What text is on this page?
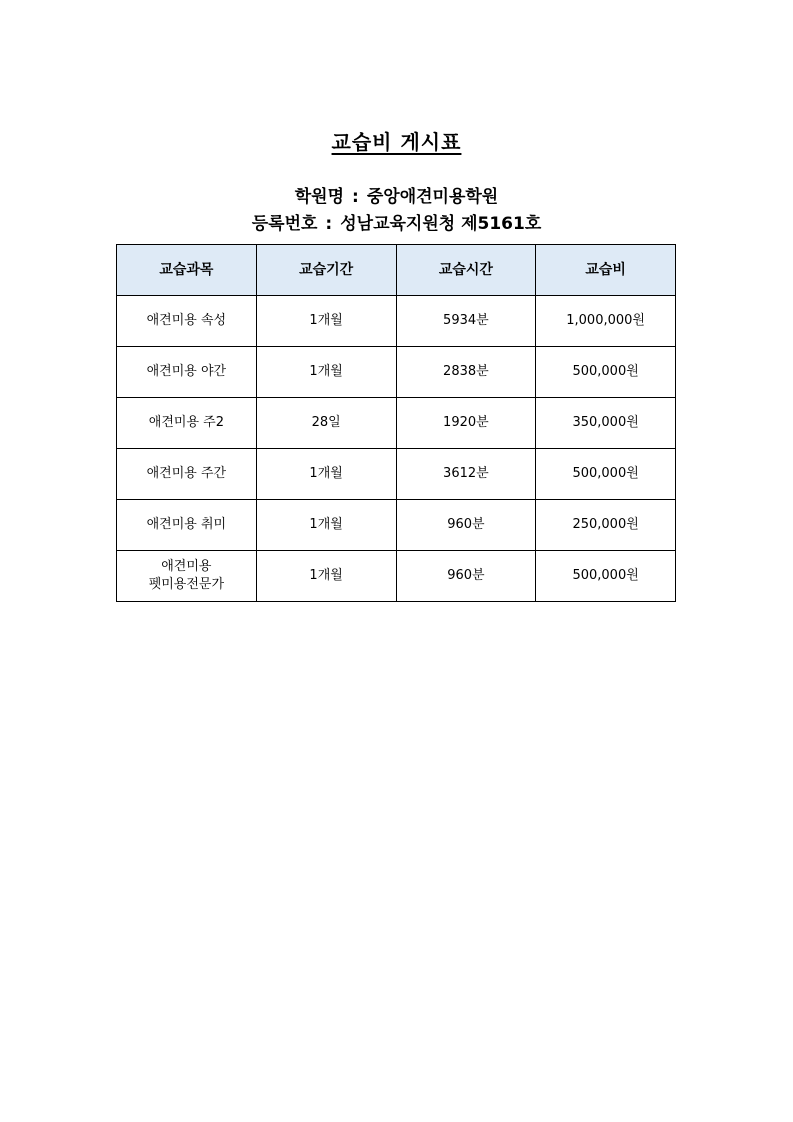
교습비 게시표
학원명 : 중앙애견미용학원
등록번호 : 성남교육지원청 제5161호
교습과목	교습기간	교습시간	교습비
애견미용 속성	1개월	5934분	1,000,000원
애견미용 야간	1개월	2838분	500,000원
애견미용 주2	28일	1920분	350,000원
애견미용 주간	1개월	3612분	500,000원
애견미용 취미	1개월	960분	250,000원
애견미용
펫미용전문가	1개월	960분	500,000원
